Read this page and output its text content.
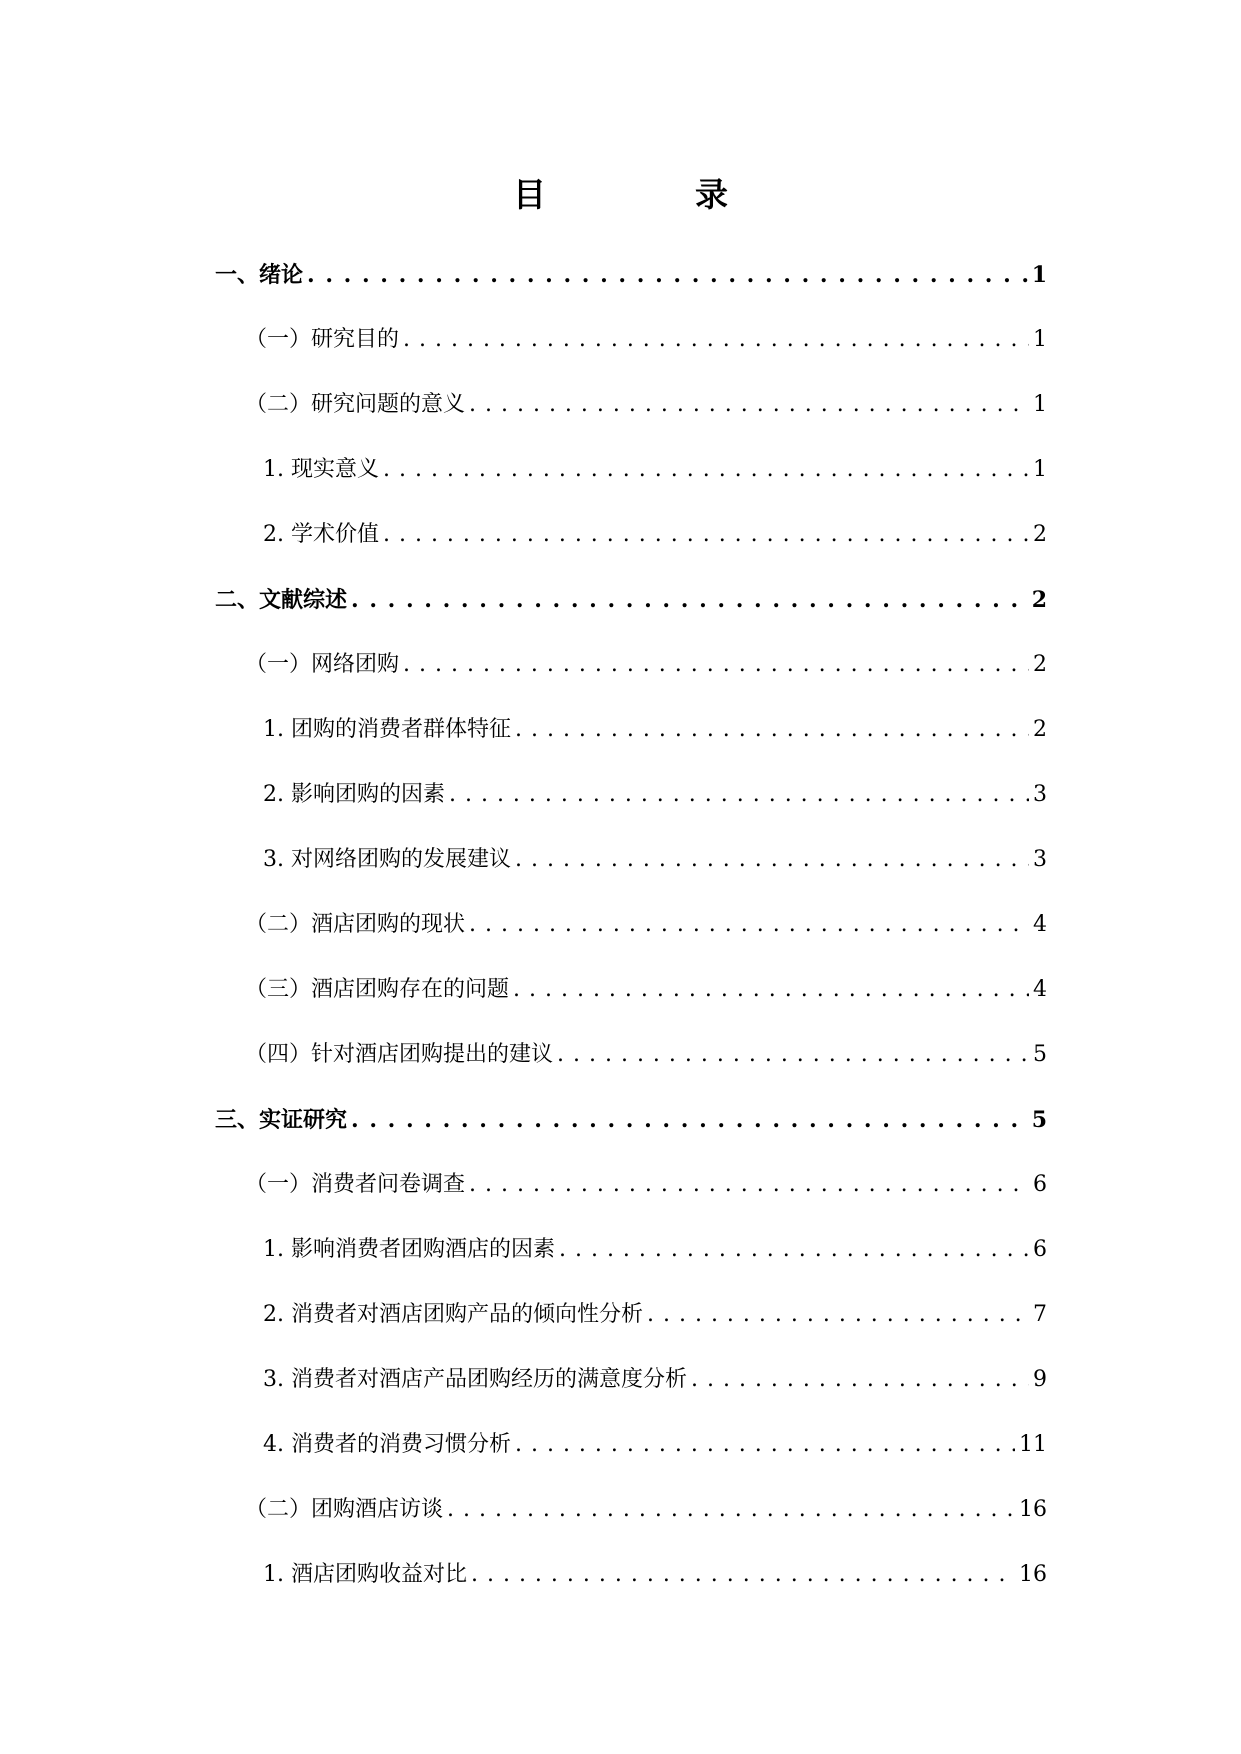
目　录
一、绪论 . . .	1
（一）研究目的 . . .	1
（二）研究问题的意义 . . .	1
1. 现实意义 . . .	1
2. 学术价值 . . .	2
二、文献综述 . . .	2
（一）网络团购 . . .	2
1. 团购的消费者群体特征 . . .	2
2. 影响团购的因素 . . .	3
3. 对网络团购的发展建议 . . .	3
（二）酒店团购的现状 . . .	4
（三）酒店团购存在的问题 . . .	4
（四）针对酒店团购提出的建议 . . .	5
三、实证研究 . . .	5
（一）消费者问卷调查 . . .	6
1. 影响消费者团购酒店的因素 . . .	6
2. 消费者对酒店团购产品的倾向性分析 . . .	7
3. 消费者对酒店产品团购经历的满意度分析 . . .	9
4. 消费者的消费习惯分析 . . .	11
（二）团购酒店访谈 . . .	16
1. 酒店团购收益对比 . . .	16
